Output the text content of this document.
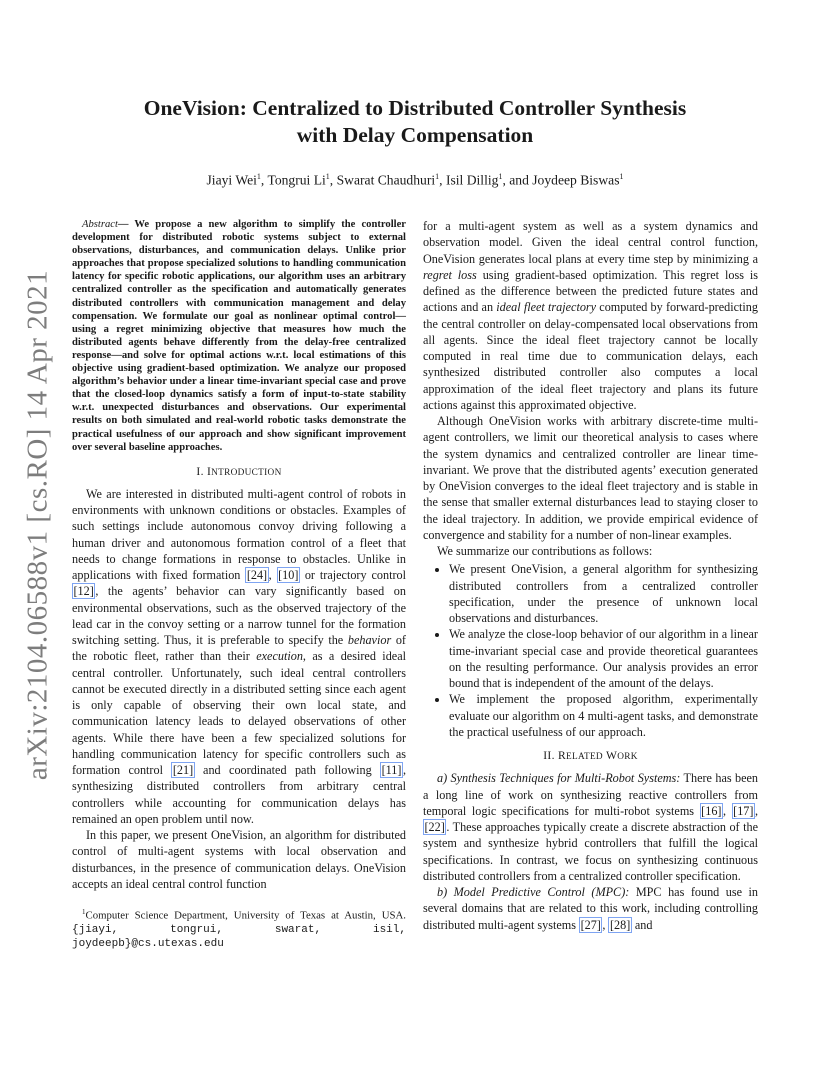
arXiv:2104.06588v1 [cs.RO] 14 Apr 2021
OneVision: Centralized to Distributed Controller Synthesis
with Delay Compensation
Jiayi Wei$^1$, Tongrui Li$^1$, Swarat Chaudhuri$^1$, Isil Dillig$^1$, and Joydeep Biswas$^1$

Abstract— We propose a new algorithm to simplify the controller development for distributed robotic systems subject to external observations, disturbances, and communication delays. Unlike prior approaches that propose specialized solutions to handling communication latency for specific robotic applications, our algorithm uses an arbitrary centralized controller as the specification and automatically generates distributed controllers with communication management and delay compensation. We formulate our goal as nonlinear optimal control—using a regret minimizing objective that measures how much the distributed agents behave differently from the delay-free centralized response—and solve for optimal actions w.r.t. local estimations of this objective using gradient-based optimization. We analyze our proposed algorithm’s behavior under a linear time-invariant special case and prove that the closed-loop dynamics satisfy a form of input-to-state stability w.r.t. unexpected disturbances and observations. Our experimental results on both simulated and real-world robotic tasks demonstrate the practical usefulness of our approach and show significant improvement over several baseline approaches.

I. INTRODUCTION

We are interested in distributed multi-agent control of robots in environments with unknown conditions or obstacles. Examples of such settings include autonomous convoy driving following a human driver and autonomous formation control of a fleet that needs to change formations in response to obstacles. Unlike in applications with fixed formation [24] , [10] or trajectory control [12] , the agents’ behavior can vary significantly based on environmental observations, such as the observed trajectory of the lead car in the convoy setting or a narrow tunnel for the formation switching setting. Thus, it is preferable to specify the behavior of the robotic fleet, rather than their execution, as a desired ideal central controller. Unfortunately, such ideal central controllers cannot be executed directly in a distributed setting since each agent is only capable of observing their own local state, and communication latency leads to delayed observations of other agents. While there have been a few specialized solutions for handling communication latency for specific controllers such as formation control [21] and coordinated path following [11] , synthesizing distributed controllers from arbitrary central controllers while accounting for communication delays has remained an open problem until now.

In this paper, we present OneVision, an algorithm for distributed control of multi-agent systems with local observation and disturbances, in the presence of communication delays. OneVision accepts an ideal central control function

$^1$Computer Science Department, University of Texas at Austin, USA. {jiayi, tongrui, swarat, isil, joydeepb}@cs.utexas.edu

for a multi-agent system as well as a system dynamics and observation model. Given the ideal central control function, OneVision generates local plans at every time step by minimizing a regret loss using gradient-based optimization. This regret loss is defined as the difference between the predicted future states and actions and an ideal fleet trajectory computed by forward-predicting the central controller on delay-compensated local observations from all agents. Since the ideal fleet trajectory cannot be locally computed in real time due to communication delays, each synthesized distributed controller also computes a local approximation of the ideal fleet trajectory and plans its future actions against this approximated objective.

Although OneVision works with arbitrary discrete-time multi-agent controllers, we limit our theoretical analysis to cases where the system dynamics and centralized controller are linear time-invariant. We prove that the distributed agents’ execution generated by OneVision converges to the ideal fleet trajectory and is stable in the sense that smaller external disturbances lead to staying closer to the ideal trajectory. In addition, we provide empirical evidence of convergence and stability for a number of non-linear examples.

We summarize our contributions as follows:

• We present OneVision, a general algorithm for synthesizing distributed controllers from a centralized controller specification, under the presence of unknown local observations and disturbances.
• We analyze the close-loop behavior of our algorithm in a linear time-invariant special case and provide theoretical guarantees on the resulting performance. Our analysis provides an error bound that is independent of the amount of the delays.
• We implement the proposed algorithm, experimentally evaluate our algorithm on 4 multi-agent tasks, and demonstrate the practical usefulness of our approach.
II. RELATED WORK

a) Synthesis Techniques for Multi-Robot Systems: There has been a long line of work on synthesizing reactive controllers from temporal logic specifications for multi-robot systems [16] , [17] , [22] . These approaches typically create a discrete abstraction of the system and synthesize hybrid controllers that fulfill the logical specifications. In contrast, we focus on synthesizing continuous distributed controllers from a centralized controller specification.

b) Model Predictive Control (MPC): MPC has found use in several domains that are related to this work, including controlling distributed multi-agent systems [27] , [28] and
